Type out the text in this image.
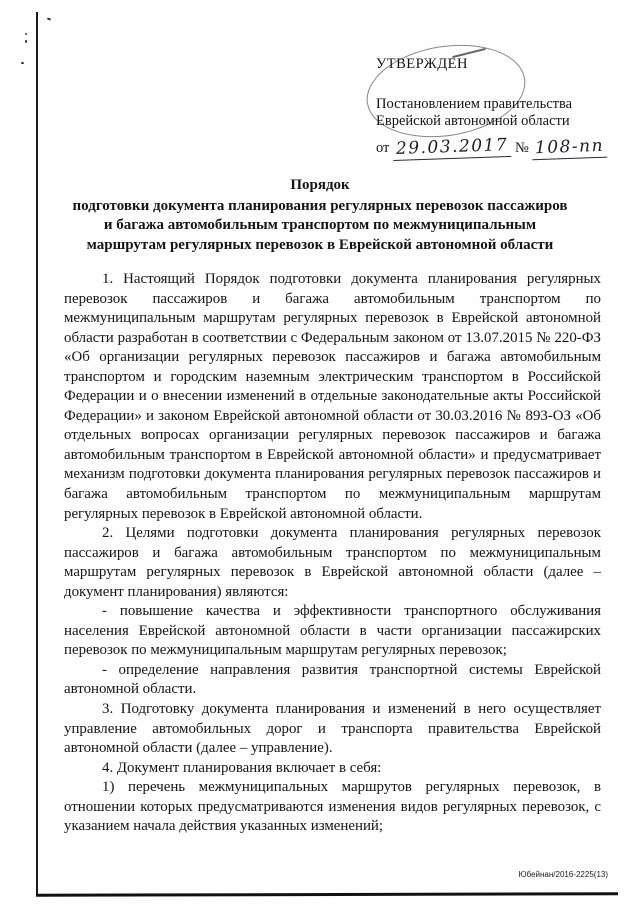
УТВЕРЖДЕН
Постановлением правительства
Еврейской автономной области
от 29.03.2017 № 108-пп
Порядок
подготовки документа планирования регулярных перевозок пассажиров и багажа автомобильным транспортом по межмуниципальным маршрутам регулярных перевозок в Еврейской автономной области

1. Настоящий Порядок подготовки документа планирования регулярных перевозок пассажиров и багажа автомобильным транспортом по межмуниципальным маршрутам регулярных перевозок в Еврейской автономной области разработан в соответствии с Федеральным законом от 13.07.2015 № 220-ФЗ «Об организации регулярных перевозок пассажиров и багажа автомобильным транспортом и городским наземным электрическим транспортом в Российской Федерации и о внесении изменений в отдельные законодательные акты Российской Федерации» и законом Еврейской автономной области от 30.03.2016 № 893-ОЗ «Об отдельных вопросах организации регулярных перевозок пассажиров и багажа автомобильным транспортом в Еврейской автономной области» и предусматривает механизм подготовки документа планирования регулярных перевозок пассажиров и багажа автомобильным транспортом по межмуниципальным маршрутам регулярных перевозок в Еврейской автономной области.

2. Целями подготовки документа планирования регулярных перевозок пассажиров и багажа автомобильным транспортом по межмуниципальным маршрутам регулярных перевозок в Еврейской автономной области (далее – документ планирования) являются:

- повышение качества и эффективности транспортного обслуживания населения Еврейской автономной области в части организации пассажирских перевозок по межмуниципальным маршрутам регулярных перевозок;

- определение направления развития транспортной системы Еврейской автономной области.

3. Подготовку документа планирования и изменений в него осуществляет управление автомобильных дорог и транспорта правительства Еврейской автономной области (далее – управление).

4. Документ планирования включает в себя:

1) перечень межмуниципальных маршрутов регулярных перевозок, в отношении которых предусматриваются изменения видов регулярных перевозок, с указанием начала действия указанных изменений;

Юбейнан/2016-2225(13)
